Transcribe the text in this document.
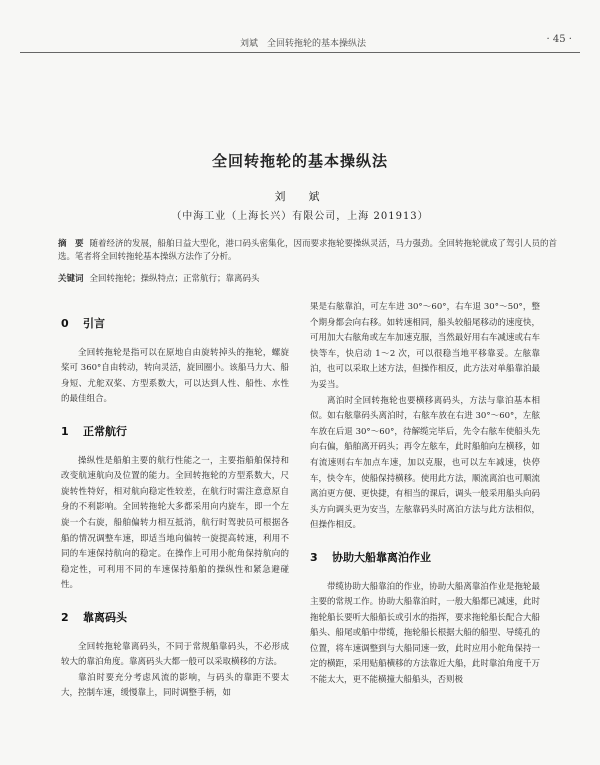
刘斌　全回转拖轮的基本操纵法	· 45 ·
全回转拖轮的基本操纵法
刘　斌
（中海工业（上海长兴）有限公司，上海 201913）
摘　要 随着经济的发展，船舶日益大型化，港口码头密集化，因而要求拖轮要操纵灵活，马力强劲。全回转拖轮就成了驾引人员的首选。笔者将全回转拖轮基本操纵方法作了分析。
关键词 全回转拖轮；操纵特点；正常航行；靠离码头
0 引言

全回转拖轮是指可以在原地自由旋转掉头的拖轮，螺旋桨可 360°自由转动，转向灵活，旋回圈小。该船马力大、船身短、尤舵双桨、方型系数大，可以达到人性、船性、水性的最佳组合。

1 正常航行

操纵性是船舶主要的航行性能之一，主要指船舶保持和改变航速航向及位置的能力。全回转拖轮的方型系数大，尺旋转性特好，相对航向稳定性较差，在航行时需注意意原自身的不利影响。全回转拖轮大多都采用向内旋车，即一个左旋一个右旋，船舶偏转力相互抵消，航行时驾驶员可根据各船的情况调整车速，即适当地向偏转一旋提高转速，利用不同的车速保持航向的稳定。在操作上可用小舵角保持航向的稳定性，可利用不同的车速保持船舶的操纵性和紧急避碰性。

2 靠离码头

全回转拖轮靠离码头，不同于常规船靠码头，不必形成较大的靠泊角度。靠离码头大都一般可以采取横移的方法。

靠泊时要充分考虑风流的影响，与码头的靠距不要太大，控制车速，缓慢靠上，同时调整手柄，如

果是右舷靠泊，可左车进 30°～60°，右车退 30°～50°，整个期身都会向右移。如转速相同，船头较船尾移动的速度快，可用加大右舷角或左车加速克服，当然最好用右车减速或右车快等车，快启动 1～2 次，可以很稳当地平移靠妥。左舷靠泊，也可以采取上述方法，但操作相反，此方法对单船靠泊最为妥当。

离泊时全回转拖轮也要横移离码头，方法与靠泊基本相似。如右舷靠码头离泊时，右舷车放在右进 30°～60°，左舷车放在后退 30°～60°，待解缆完毕后，先令右舷车使船头先向右偏，船舶离开码头；再令左舷车，此时船舶向左横移，如有流速则右车加点车速，加以克服，也可以左车减速，快停车，快令车，使船保持横移。使用此方法，顺流离泊也可顺流离泊更方便、更快捷，有相当的课后，调头一般采用船头向码头方向调头更为安当，左舷靠码头时离泊方法与此方法相似，但操作相反。

3 协助大船靠离泊作业

带缆协助大船靠泊的作业，协助大船离靠泊作业是拖轮最主要的常规工作。协助大船靠泊时，一般大船都已减速，此时拖轮船长要听大船船长或引水的指挥，要求拖轮船长配合大船船头、船尾或船中带缆，拖轮船长根据大船的船型、导缆孔的位置，将车速调整到与大船同速一致，此时应用小舵角保持一定的横距，采用贴船横移的方法靠近大船，此时靠泊角度千万不能太大，更不能横撞大船船头，否则极
